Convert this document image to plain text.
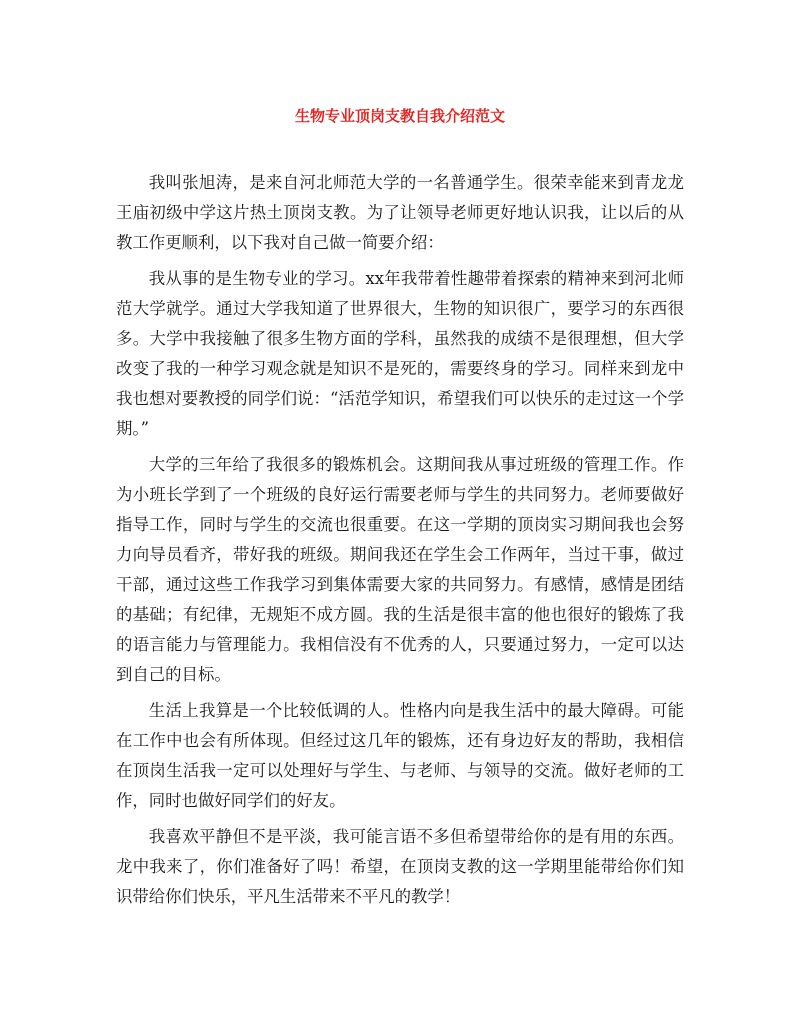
生物专业顶岗支教自我介绍范文

我叫张旭涛，是来自河北师范大学的一名普通学生。很荣幸能来到青龙龙王庙初级中学这片热土顶岗支教。为了让领导老师更好地认识我，让以后的从教工作更顺利，以下我对自己做一简要介绍：

我从事的是生物专业的学习。xx年我带着性趣带着探索的精神来到河北师范大学就学。通过大学我知道了世界很大，生物的知识很广，要学习的东西很多。大学中我接触了很多生物方面的学科，虽然我的成绩不是很理想，但大学改变了我的一种学习观念就是知识不是死的，需要终身的学习。同样来到龙中我也想对要教授的同学们说：“活范学知识，希望我们可以快乐的走过这一个学期。”

大学的三年给了我很多的锻炼机会。这期间我从事过班级的管理工作。作为小班长学到了一个班级的良好运行需要老师与学生的共同努力。老师要做好指导工作，同时与学生的交流也很重要。在这一学期的顶岗实习期间我也会努力向导员看齐，带好我的班级。期间我还在学生会工作两年，当过干事，做过干部，通过这些工作我学习到集体需要大家的共同努力。有感情，感情是团结的基础；有纪律，无规矩不成方圆。我的生活是很丰富的他也很好的锻炼了我的语言能力与管理能力。我相信没有不优秀的人，只要通过努力，一定可以达到自己的目标。

生活上我算是一个比较低调的人。性格内向是我生活中的最大障碍。可能在工作中也会有所体现。但经过这几年的锻炼，还有身边好友的帮助，我相信在顶岗生活我一定可以处理好与学生、与老师、与领导的交流。做好老师的工作，同时也做好同学们的好友。

我喜欢平静但不是平淡，我可能言语不多但希望带给你的是有用的东西。龙中我来了，你们准备好了吗！希望，在顶岗支教的这一学期里能带给你们知识带给你们快乐，平凡生活带来不平凡的教学！
